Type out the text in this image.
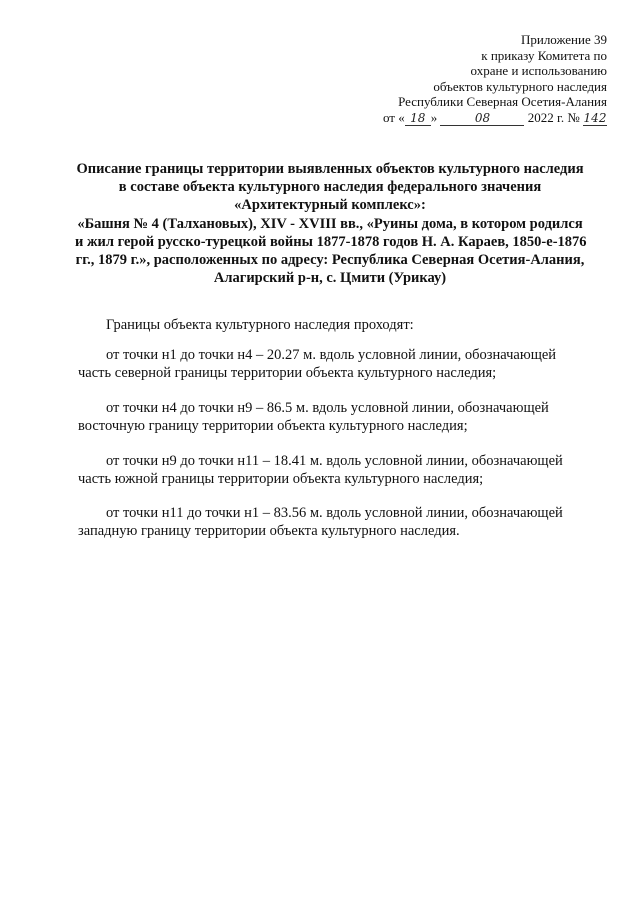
Приложение 39
к приказу Комитета по
охране и использованию
объектов культурного наследия
Республики Северная Осетия-Алания
от « 18 »	08	2022 г. № 142
Описание границы территории выявленных объектов культурного наследия
в составе объекта культурного наследия федерального значения
«Архитектурный комплекс»:
«Башня № 4 (Талхановых), XIV - XVIII вв., «Руины дома, в котором родился
и жил герой русско-турецкой войны 1877-1878 годов Н. А. Караев, 1850-е-1876
гг., 1879 г.», расположенных по адресу: Республика Северная Осетия-Алания,
Алагирский р-н, с. Цмити (Урикау)
Границы объекта культурного наследия проходят:
от точки н1 до точки н4 – 20.27 м. вдоль условной линии, обозначающей
часть северной границы территории объекта культурного наследия;
от точки н4 до точки н9 – 86.5 м. вдоль условной линии, обозначающей
восточную границу территории объекта культурного наследия;
от точки н9 до точки н11 – 18.41 м. вдоль условной линии, обозначающей
часть южной границы территории объекта культурного наследия;
от точки н11 до точки н1 – 83.56 м. вдоль условной линии, обозначающей
западную границу территории объекта культурного наследия.
